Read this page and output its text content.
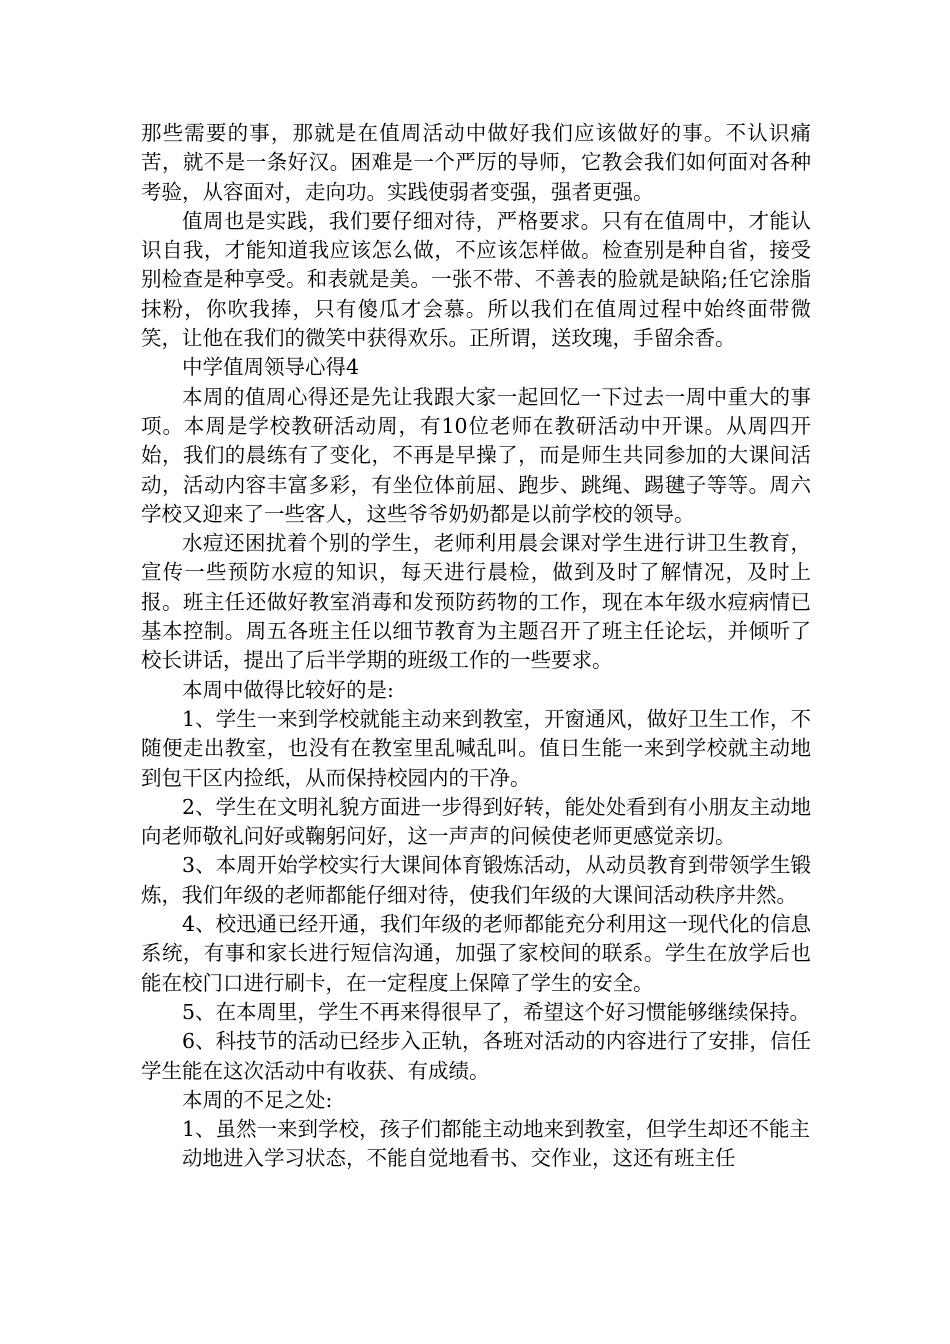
那些需要的事，那就是在值周活动中做好我们应该做好的事。不认识痛苦，就不是一条好汉。困难是一个严厉的导师，它教会我们如何面对各种考验，从容面对，走向功。实践使弱者变强，强者更强。

值周也是实践，我们要仔细对待，严格要求。只有在值周中，才能认识自我，才能知道我应该怎么做，不应该怎样做。检查别是种自省，接受别检查是种享受。和表就是美。一张不带、不善表的脸就是缺陷;任它涂脂抹粉，你吹我捧，只有傻瓜才会慕。所以我们在值周过程中始终面带微笑，让他在我们的微笑中获得欢乐。正所谓，送玫瑰，手留余香。

中学值周领导心得4

本周的值周心得还是先让我跟大家一起回忆一下过去一周中重大的事项。本周是学校教研活动周，有10位老师在教研活动中开课。从周四开始，我们的晨练有了变化，不再是早操了，而是师生共同参加的大课间活动，活动内容丰富多彩，有坐位体前屈、跑步、跳绳、踢毽子等等。周六学校又迎来了一些客人，这些爷爷奶奶都是以前学校的领导。

水痘还困扰着个别的学生，老师利用晨会课对学生进行讲卫生教育，宣传一些预防水痘的知识，每天进行晨检，做到及时了解情况，及时上报。班主任还做好教室消毒和发预防药物的工作，现在本年级水痘病情已基本控制。周五各班主任以细节教育为主题召开了班主任论坛，并倾听了校长讲话，提出了后半学期的班级工作的一些要求。

本周中做得比较好的是:

1、学生一来到学校就能主动来到教室，开窗通风，做好卫生工作，不随便走出教室，也没有在教室里乱喊乱叫。值日生能一来到学校就主动地到包干区内捡纸，从而保持校园内的干净。

2、学生在文明礼貌方面进一步得到好转，能处处看到有小朋友主动地向老师敬礼问好或鞠躬问好，这一声声的问候使老师更感觉亲切。

3、本周开始学校实行大课间体育锻炼活动，从动员教育到带领学生锻炼，我们年级的老师都能仔细对待，使我们年级的大课间活动秩序井然。

4、校迅通已经开通，我们年级的老师都能充分利用这一现代化的信息系统，有事和家长进行短信沟通，加强了家校间的联系。学生在放学后也能在校门口进行刷卡，在一定程度上保障了学生的安全。

5、在本周里，学生不再来得很早了，希望这个好习惯能够继续保持。

6、科技节的活动已经步入正轨，各班对活动的内容进行了安排，信任学生能在这次活动中有收获、有成绩。

本周的不足之处:

1、虽然一来到学校，孩子们都能主动地来到教室，但学生却还不能主

动地进入学习状态，不能自觉地看书、交作业，这还有班主任
